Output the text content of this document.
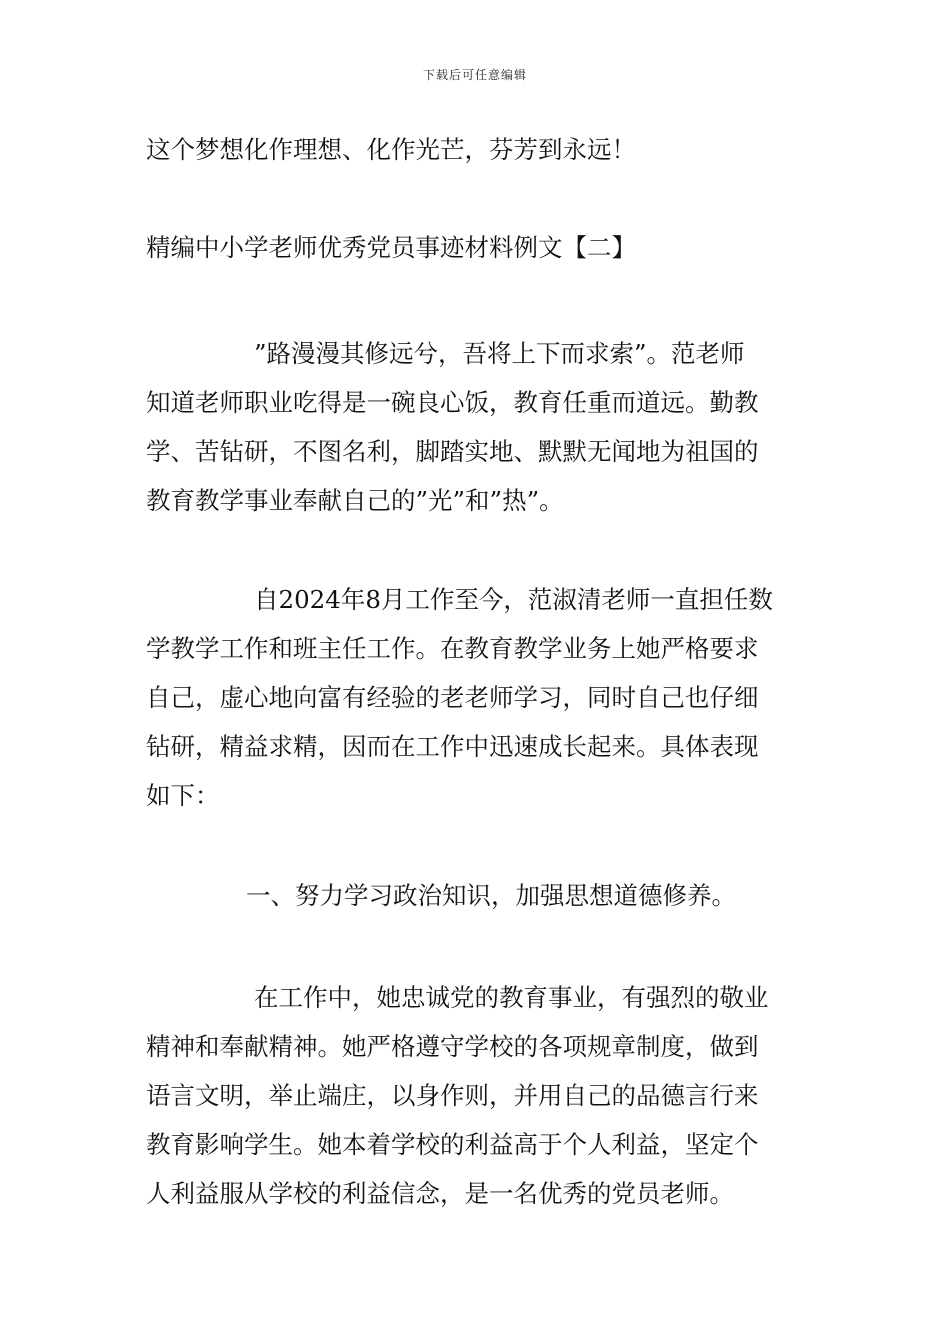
下载后可任意编辑

这个梦想化作理想、化作光芒，芬芳到永远！

精编中小学老师优秀党员事迹材料例文【二】

”路漫漫其修远兮，吾将上下而求索”。范老师
知道老师职业吃得是一碗良心饭，教育任重而道远。勤教
学、苦钻研，不图名利，脚踏实地、默默无闻地为祖国的
教育教学事业奉献自己的”光”和”热”。
自2024年8月工作至今，范淑清老师一直担任数
学教学工作和班主任工作。在教育教学业务上她严格要求
自己，虚心地向富有经验的老老师学习，同时自己也仔细
钻研，精益求精，因而在工作中迅速成长起来。具体表现
如下：

一、努力学习政治知识，加强思想道德修养。

在工作中，她忠诚党的教育事业，有强烈的敬业
精神和奉献精神。她严格遵守学校的各项规章制度，做到
语言文明，举止端庄，以身作则，并用自己的品德言行来
教育影响学生。她本着学校的利益高于个人利益，坚定个
人利益服从学校的利益信念，是一名优秀的党员老师。
